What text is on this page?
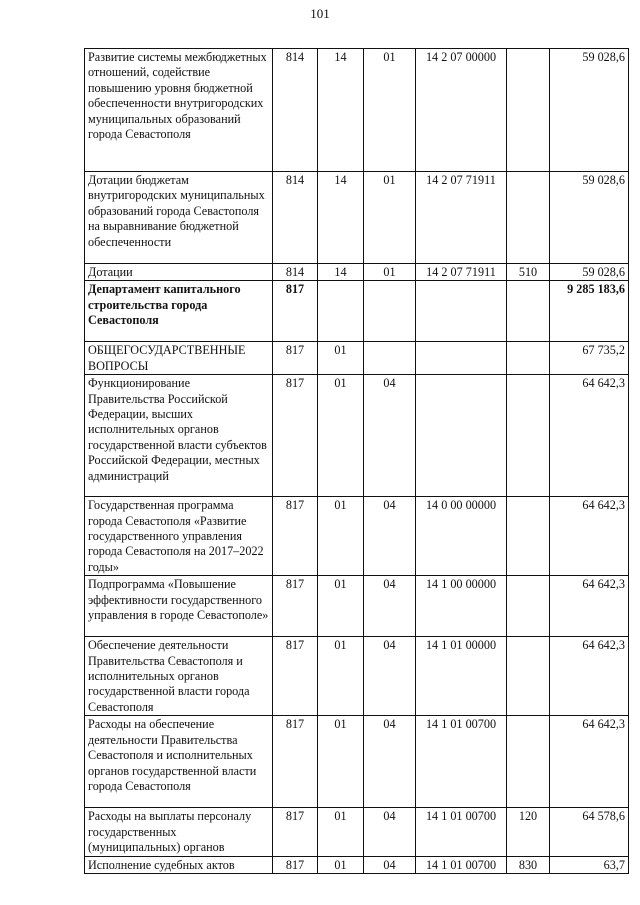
101
Развитие системы межбюджетных отношений, содействие повышению уровня бюджетной обеспеченности внутригородских муниципальных образований города Севастополя	814	14	01	14 2 07 00000		59 028,6
Дотации бюджетам внутригородских муниципальных образований города Севастополя на выравнивание бюджетной обеспеченности	814	14	01	14 2 07 71911		59 028,6
Дотации	814	14	01	14 2 07 71911	510	59 028,6
Департамент капитального строительства города Севастополя	817					9 285 183,6
ОБЩЕГОСУДАРСТВЕННЫЕ ВОПРОСЫ	817	01				67 735,2
Функционирование Правительства Российской Федерации, высших исполнительных органов государственной власти субъектов Российской Федерации, местных администраций	817	01	04			64 642,3
Государственная программа города Севастополя «Развитие государственного управления города Севастополя на 2017–2022 годы»	817	01	04	14 0 00 00000		64 642,3
Подпрограмма «Повышение эффективности государственного управления в городе Севастополе»	817	01	04	14 1 00 00000		64 642,3
Обеспечение деятельности Правительства Севастополя и исполнительных органов государственной власти города Севастополя	817	01	04	14 1 01 00000		64 642,3
Расходы на обеспечение деятельности Правительства Севастополя и исполнительных органов государственной власти города Севастополя	817	01	04	14 1 01 00700		64 642,3
Расходы на выплаты персоналу государственных (муниципальных) органов	817	01	04	14 1 01 00700	120	64 578,6
Исполнение судебных актов	817	01	04	14 1 01 00700	830	63,7
